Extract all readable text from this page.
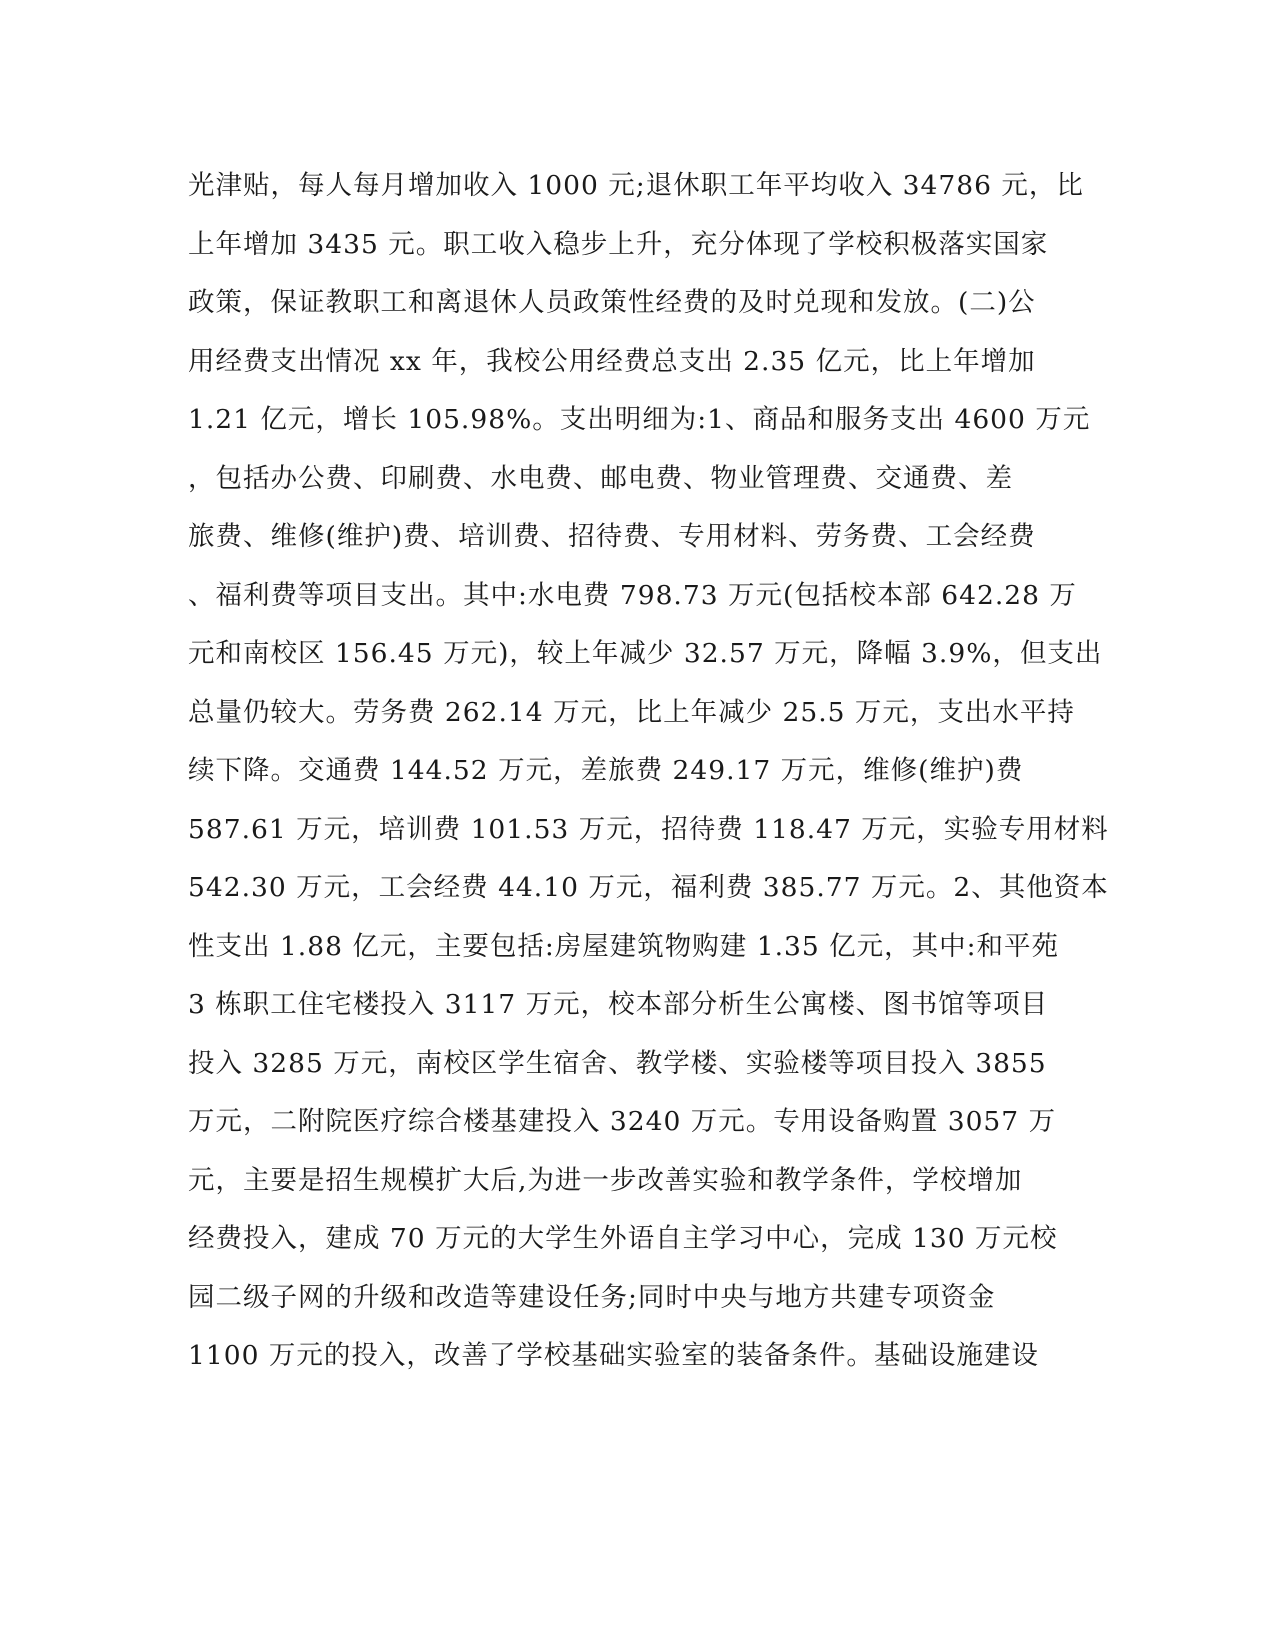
光津贴，每人每月增加收入 1000 元;退休职工年平均收入 34786 元，比
上年增加 3435 元。职工收入稳步上升，充分体现了学校积极落实国家
政策，保证教职工和离退休人员政策性经费的及时兑现和发放。(二)公
用经费支出情况 xx 年，我校公用经费总支出 2.35 亿元，比上年增加
1.21 亿元，增长 105.98%。支出明细为:1、商品和服务支出 4600 万元
，包括办公费、印刷费、水电费、邮电费、物业管理费、交通费、差
旅费、维修(维护)费、培训费、招待费、专用材料、劳务费、工会经费
、福利费等项目支出。其中:水电费 798.73 万元(包括校本部 642.28 万
元和南校区 156.45 万元)，较上年减少 32.57 万元，降幅 3.9%，但支出
总量仍较大。劳务费 262.14 万元，比上年减少 25.5 万元，支出水平持
续下降。交通费 144.52 万元，差旅费 249.17 万元，维修(维护)费
587.61 万元，培训费 101.53 万元，招待费 118.47 万元，实验专用材料
542.30 万元，工会经费 44.10 万元，福利费 385.77 万元。2、其他资本
性支出 1.88 亿元，主要包括:房屋建筑物购建 1.35 亿元，其中:和平苑
3 栋职工住宅楼投入 3117 万元，校本部分析生公寓楼、图书馆等项目
投入 3285 万元，南校区学生宿舍、教学楼、实验楼等项目投入 3855
万元，二附院医疗综合楼基建投入 3240 万元。专用设备购置 3057 万
元，主要是招生规模扩大后,为进一步改善实验和教学条件，学校增加
经费投入，建成 70 万元的大学生外语自主学习中心，完成 130 万元校
园二级子网的升级和改造等建设任务;同时中央与地方共建专项资金
1100 万元的投入，改善了学校基础实验室的装备条件。基础设施建设
